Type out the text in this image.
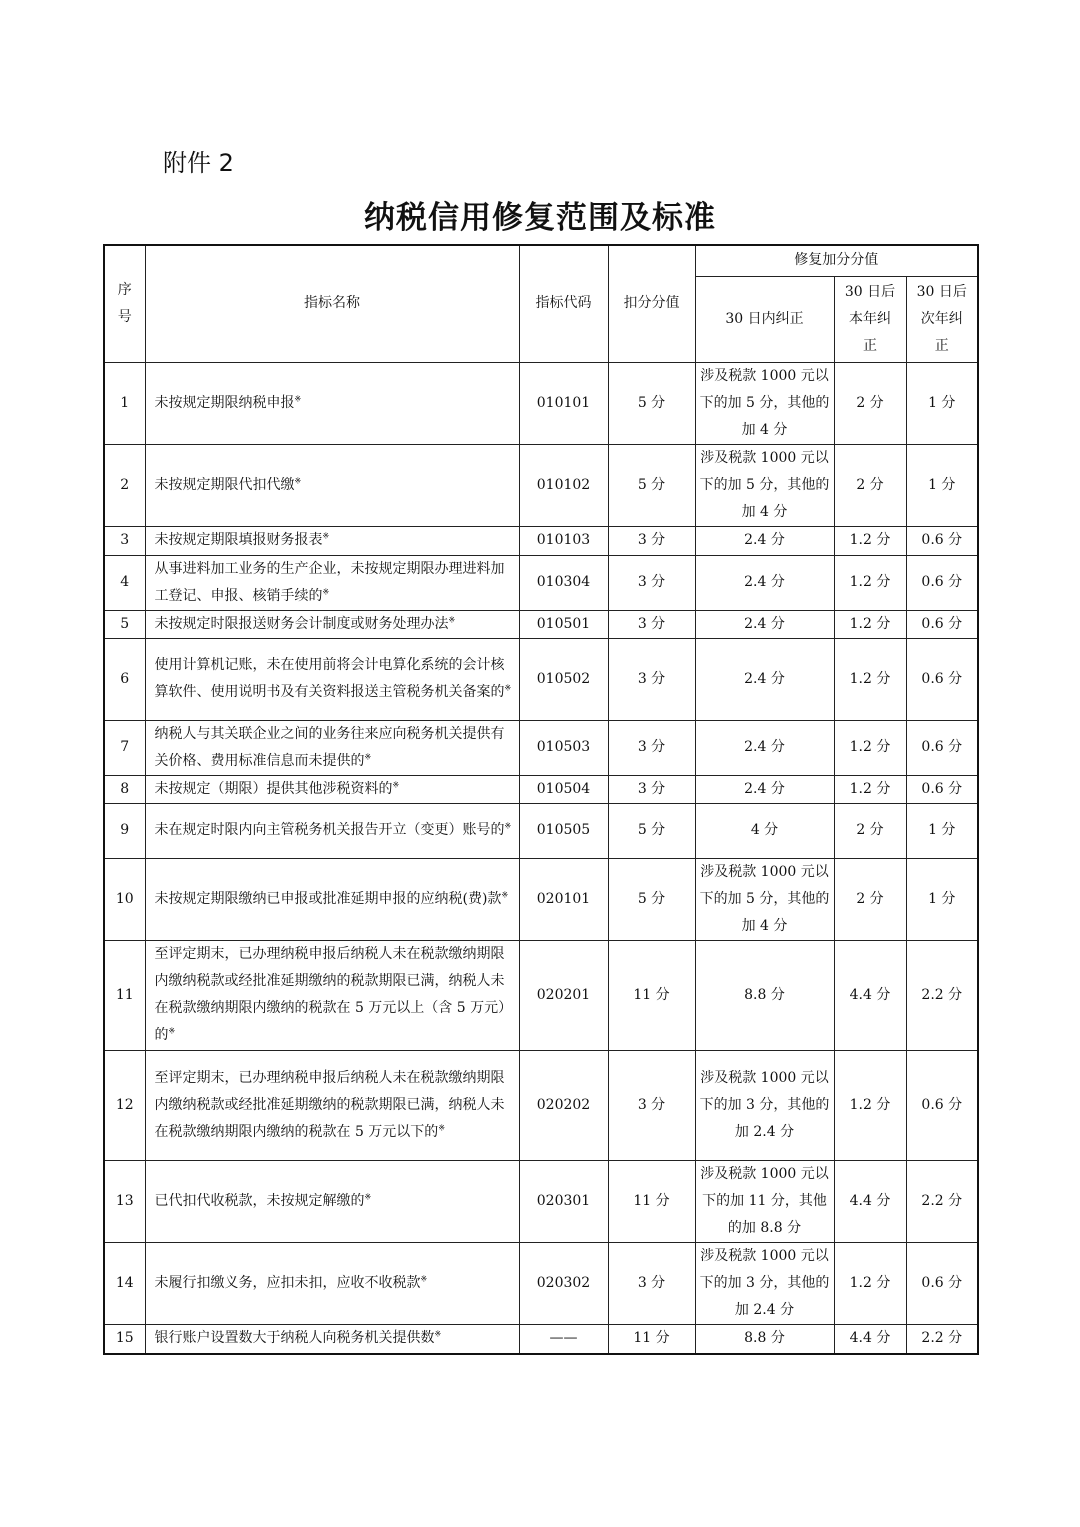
附件 2
纳税信用修复范围及标准
序号	指标名称	指标代码	扣分分值	修复加分分值		
				30 日内纠正	30 日后本年纠正	30 日后次年纠正
1	未按规定期限纳税申报※	010101	5 分	涉及税款 1000 元以下的加 5 分，其他的加 4 分	2 分	1 分
2	未按规定期限代扣代缴※	010102	5 分	涉及税款 1000 元以下的加 5 分，其他的加 4 分	2 分	1 分
3	未按规定期限填报财务报表※	010103	3 分	2.4 分	1.2 分	0.6 分
4	从事进料加工业务的生产企业，未按规定期限办理进料加工登记、申报、核销手续的※	010304	3 分	2.4 分	1.2 分	0.6 分
5	未按规定时限报送财务会计制度或财务处理办法※	010501	3 分	2.4 分	1.2 分	0.6 分
6	使用计算机记账，未在使用前将会计电算化系统的会计核算软件、使用说明书及有关资料报送主管税务机关备案的※	010502	3 分	2.4 分	1.2 分	0.6 分
7	纳税人与其关联企业之间的业务往来应向税务机关提供有关价格、费用标准信息而未提供的※	010503	3 分	2.4 分	1.2 分	0.6 分
8	未按规定（期限）提供其他涉税资料的※	010504	3 分	2.4 分	1.2 分	0.6 分
9	未在规定时限内向主管税务机关报告开立（变更）账号的※	010505	5 分	4 分	2 分	1 分
10	未按规定期限缴纳已申报或批准延期申报的应纳税(费)款※	020101	5 分	涉及税款 1000 元以下的加 5 分，其他的加 4 分	2 分	1 分
11	至评定期末，已办理纳税申报后纳税人未在税款缴纳期限内缴纳税款或经批准延期缴纳的税款期限已满，纳税人未在税款缴纳期限内缴纳的税款在 5 万元以上（含 5 万元）的※	020201	11 分	8.8 分	4.4 分	2.2 分
12	至评定期末，已办理纳税申报后纳税人未在税款缴纳期限内缴纳税款或经批准延期缴纳的税款期限已满，纳税人未在税款缴纳期限内缴纳的税款在 5 万元以下的※	020202	3 分	涉及税款 1000 元以下的加 3 分，其他的加 2.4 分	1.2 分	0.6 分
13	已代扣代收税款，未按规定解缴的※	020301	11 分	涉及税款 1000 元以下的加 11 分，其他的加 8.8 分	4.4 分	2.2 分
14	未履行扣缴义务，应扣未扣，应收不收税款※	020302	3 分	涉及税款 1000 元以下的加 3 分，其他的加 2.4 分	1.2 分	0.6 分
15	银行账户设置数大于纳税人向税务机关提供数※	——	11 分	8.8 分	4.4 分	2.2 分
